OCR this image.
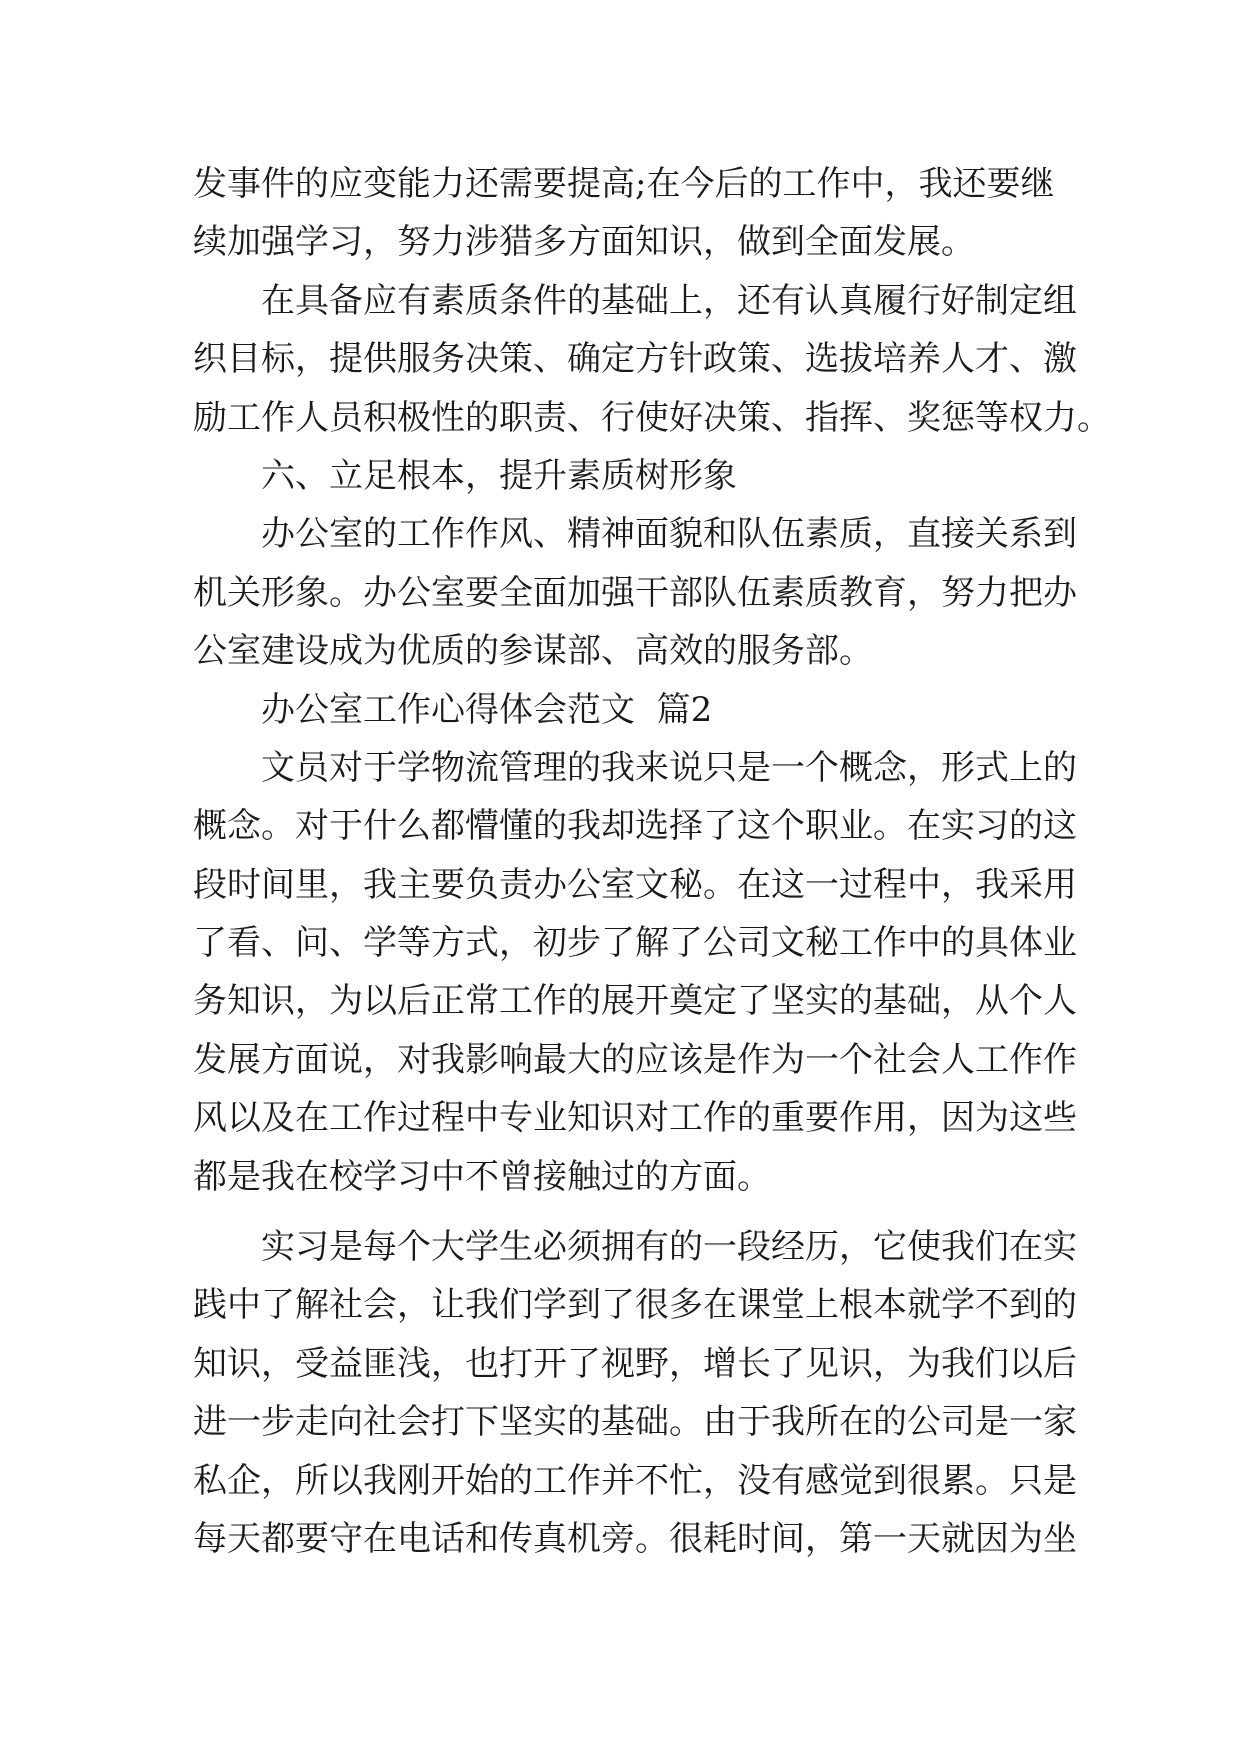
发事件的应变能力还需要提高;在今后的工作中，我还要继
续加强学习，努力涉猎多方面知识，做到全面发展。
在具备应有素质条件的基础上，还有认真履行好制定组
织目标，提供服务决策、确定方针政策、选拔培养人才、激
励工作人员积极性的职责、行使好决策、指挥、奖惩等权力。
六、立足根本，提升素质树形象
办公室的工作作风、精神面貌和队伍素质，直接关系到
机关形象。办公室要全面加强干部队伍素质教育，努力把办
公室建设成为优质的参谋部、高效的服务部。
办公室工作心得体会范文  篇2
文员对于学物流管理的我来说只是一个概念，形式上的
概念。对于什么都懵懂的我却选择了这个职业。在实习的这
段时间里，我主要负责办公室文秘。在这一过程中，我采用
了看、问、学等方式，初步了解了公司文秘工作中的具体业
务知识，为以后正常工作的展开奠定了坚实的基础，从个人
发展方面说，对我影响最大的应该是作为一个社会人工作作
风以及在工作过程中专业知识对工作的重要作用，因为这些
都是我在校学习中不曾接触过的方面。
实习是每个大学生必须拥有的一段经历，它使我们在实
践中了解社会，让我们学到了很多在课堂上根本就学不到的
知识，受益匪浅，也打开了视野，增长了见识，为我们以后
进一步走向社会打下坚实的基础。由于我所在的公司是一家
私企，所以我刚开始的工作并不忙，没有感觉到很累。只是
每天都要守在电话和传真机旁。很耗时间，第一天就因为坐
